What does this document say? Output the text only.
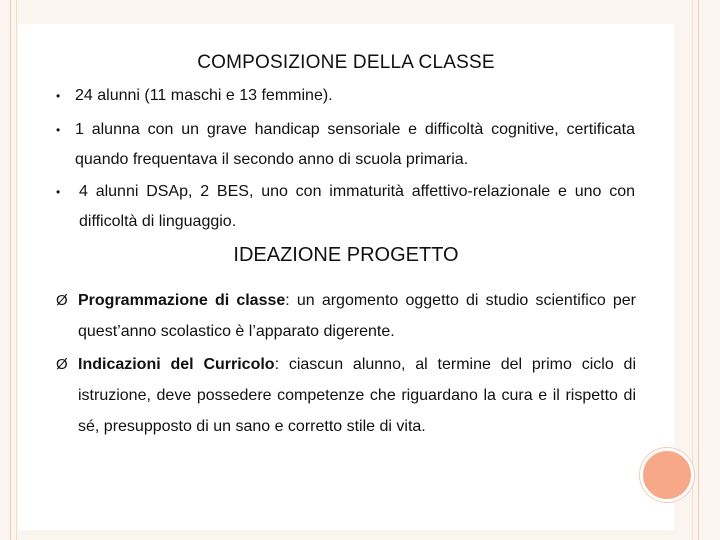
COMPOSIZIONE DELLA CLASSE
• 24 alunni (11 maschi e 13 femmine).
• 1 alunna con un grave handicap sensoriale e difficoltà cognitive, certificata quando frequentava il secondo anno di scuola primaria.
• 4 alunni DSAp, 2 BES, uno con immaturità affettivo-relazionale e uno con difficoltà di linguaggio.
IDEAZIONE PROGETTO
Ø Programmazione di classe: un argomento oggetto di studio scientifico per quest’anno scolastico è l’apparato digerente.
Ø Indicazioni del Curricolo: ciascun alunno, al termine del primo ciclo di istruzione, deve possedere competenze che riguardano la cura e il rispetto di sé, presupposto di un sano e corretto stile di vita.
